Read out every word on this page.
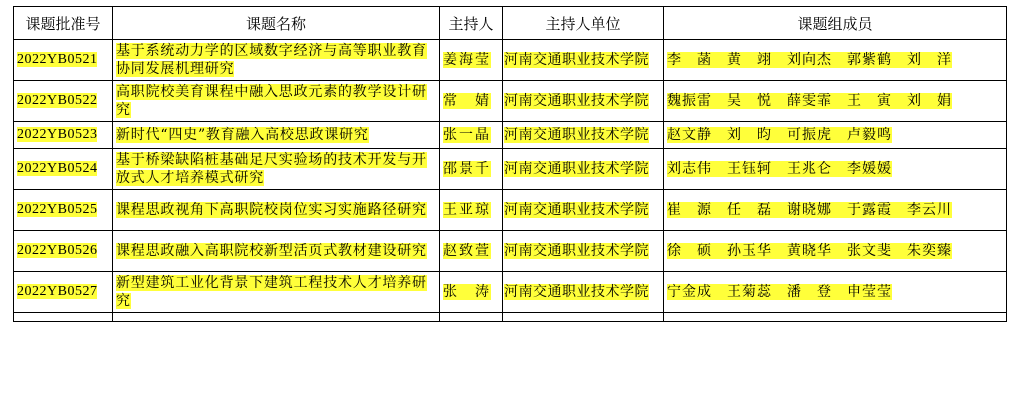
课题批准号	课题名称	主持人	主持人单位	课题组成员
2022YB0521	基于系统动力学的区域数字经济与高等职业教育协同发展机理研究	姜海莹	河南交通职业技术学院	李　菡　黄　翊　刘向杰　郭紫鹤　刘　洋
2022YB0522	高职院校美育课程中融入思政元素的教学设计研究	常　婧	河南交通职业技术学院	魏振雷　吴　悦　薛雯霏　王　寅　刘　娟
2022YB0523	新时代“四史”教育融入高校思政课研究	张一晶	河南交通职业技术学院	赵文静　刘　昀　可振虎　卢毅鸣
2022YB0524	基于桥梁缺陷桩基础足尺实验场的技术开发与开放式人才培养模式研究	邵景千	河南交通职业技术学院	刘志伟　王钰轲　王兆仑　李媛媛
2022YB0525	课程思政视角下高职院校岗位实习实施路径研究	王亚琼	河南交通职业技术学院	崔　源　任　磊　谢晓娜　于露霞　李云川
2022YB0526	课程思政融入高职院校新型活页式教材建设研究	赵致萱	河南交通职业技术学院	徐　硕　孙玉华　黄晓华　张文斐　朱奕臻
2022YB0527	新型建筑工业化背景下建筑工程技术人才培养研究	张　涛	河南交通职业技术学院	宁金成　王菊蕊　潘　登　申莹莹
